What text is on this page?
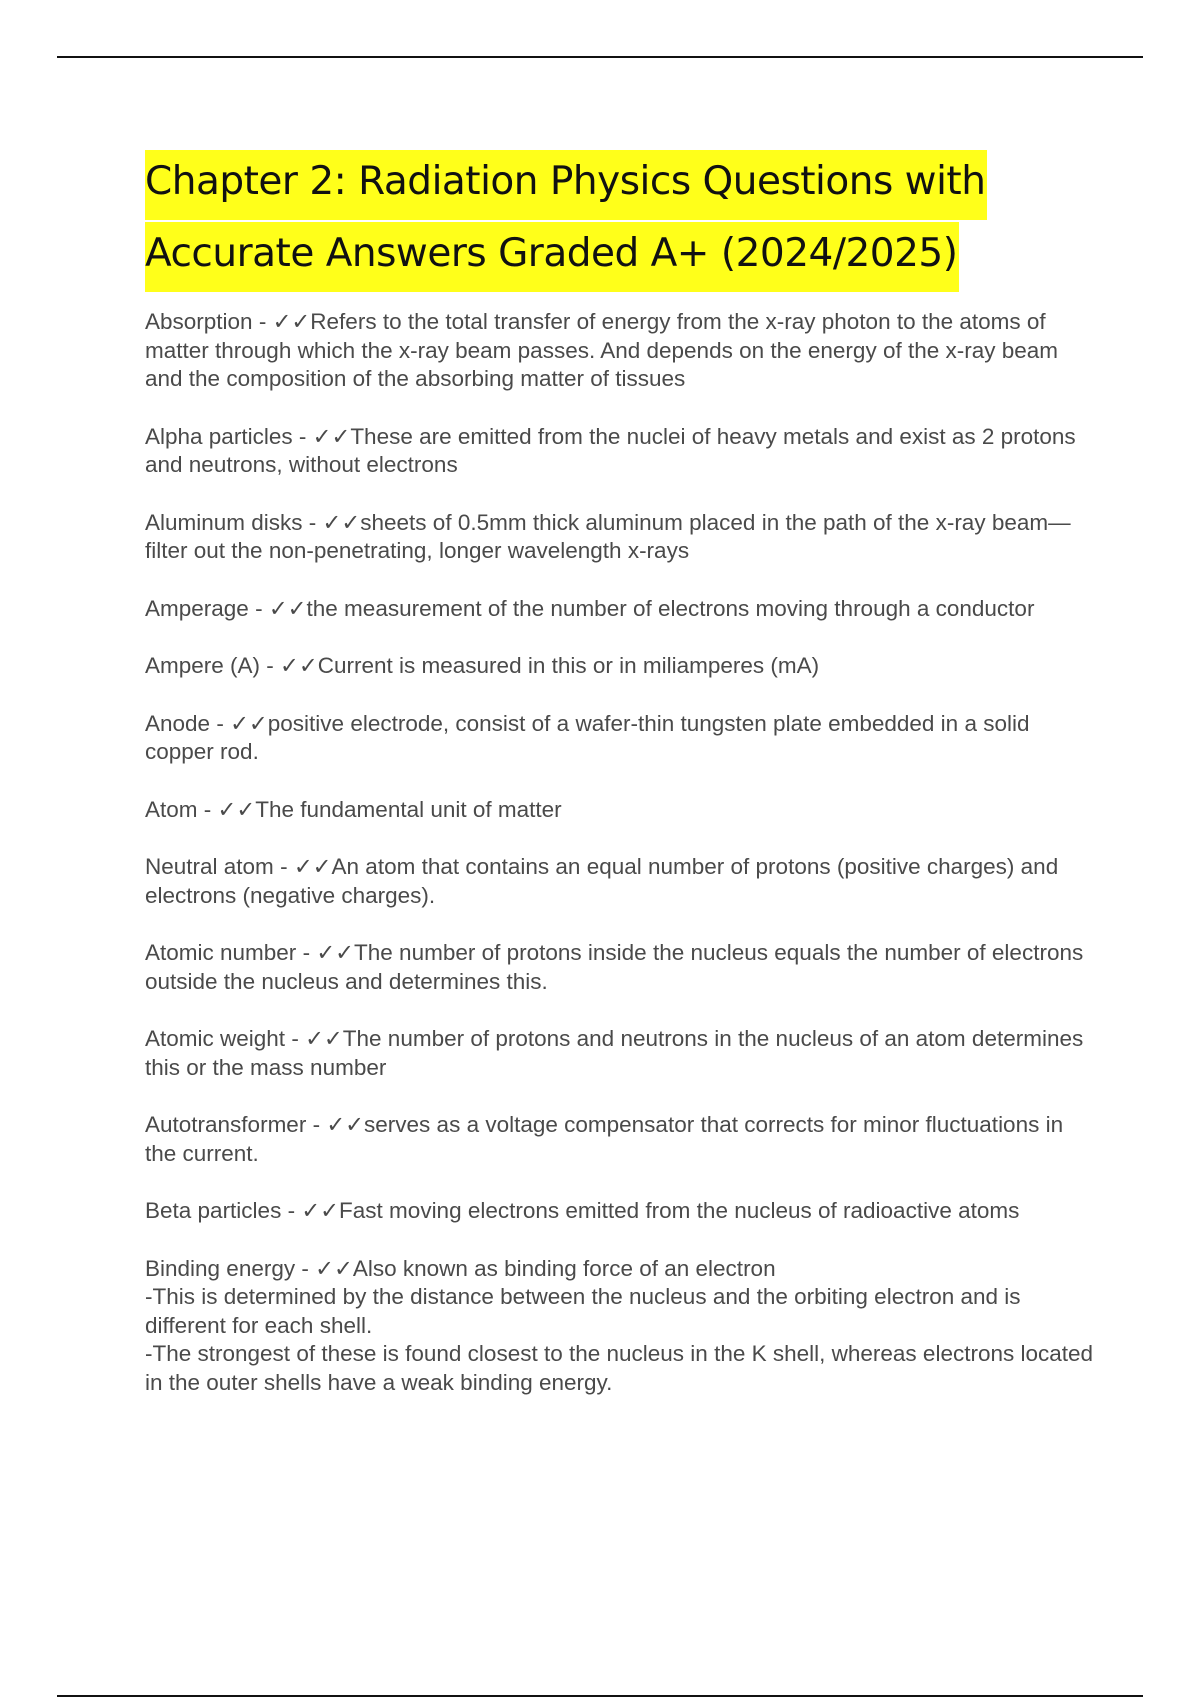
Chapter 2: Radiation Physics Questions with
Accurate Answers Graded A+ (2024/2025)

Absorption - ✓✓Refers to the total transfer of energy from the x-ray photon to the atoms of matter through which the x-ray beam passes. And depends on the energy of the x-ray beam and the composition of the absorbing matter of tissues

Alpha particles - ✓✓These are emitted from the nuclei of heavy metals and exist as 2 protons and neutrons, without electrons

Aluminum disks - ✓✓sheets of 0.5mm thick aluminum placed in the path of the x-ray beam—filter out the non-penetrating, longer wavelength x-rays

Amperage - ✓✓the measurement of the number of electrons moving through a conductor

Ampere (A) - ✓✓Current is measured in this or in miliamperes (mA)

Anode - ✓✓positive electrode, consist of a wafer-thin tungsten plate embedded in a solid copper rod.

Atom - ✓✓The fundamental unit of matter

Neutral atom - ✓✓An atom that contains an equal number of protons (positive charges) and electrons (negative charges).

Atomic number - ✓✓The number of protons inside the nucleus equals the number of electrons outside the nucleus and determines this.

Atomic weight - ✓✓The number of protons and neutrons in the nucleus of an atom determines this or the mass number

Autotransformer - ✓✓serves as a voltage compensator that corrects for minor fluctuations in the current.

Beta particles - ✓✓Fast moving electrons emitted from the nucleus of radioactive atoms

Binding energy - ✓✓Also known as binding force of an electron
-This is determined by the distance between the nucleus and the orbiting electron and is different for each shell.
-The strongest of these is found closest to the nucleus in the K shell, whereas electrons located in the outer shells have a weak binding energy.
